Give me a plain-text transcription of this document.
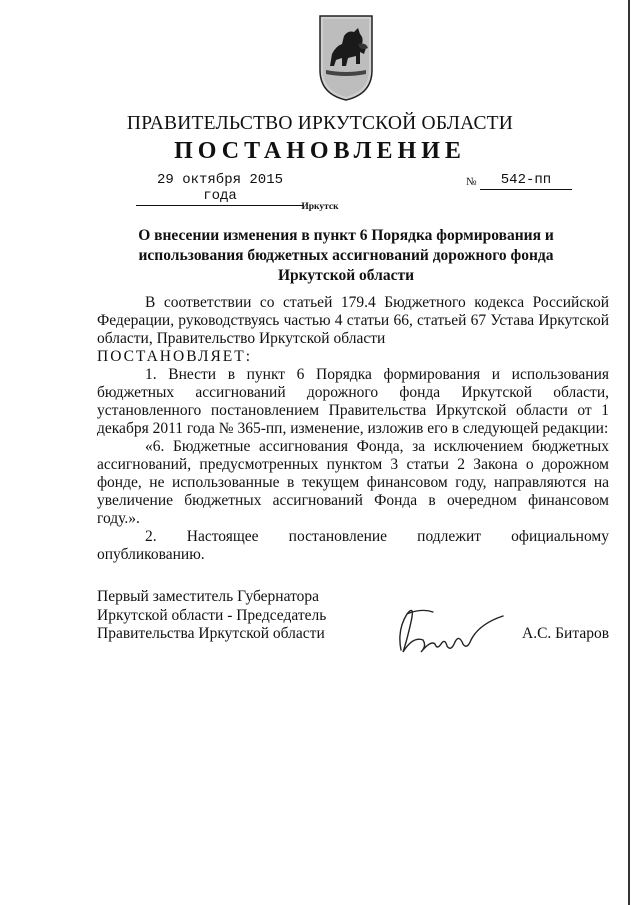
ПРАВИТЕЛЬСТВО ИРКУТСКОЙ ОБЛАСТИ
ПОСТАНОВЛЕНИЕ
29 октября 2015 года
№	542-пп
Иркутск

О внесении изменения в пункт 6 Порядка формирования и использования бюджетных ассигнований дорожного фонда Иркутской области

В соответствии со статьей 179.4 Бюджетного кодекса Российской Федерации, руководствуясь частью 4 статьи 66, статьей 67 Устава Иркутской области, Правительство Иркутской области

ПОСТАНОВЛЯЕТ:

1. Внести в пункт 6 Порядка формирования и использования бюджетных ассигнований дорожного фонда Иркутской области, установленного постановлением Правительства Иркутской области от 1 декабря 2011 года № 365-пп, изменение, изложив его в следующей редакции:

«6. Бюджетные ассигнования Фонда, за исключением бюджетных ассигнований, предусмотренных пунктом 3 статьи 2 Закона о дорожном фонде, не использованные в текущем финансовом году, направляются на увеличение бюджетных ассигнований Фонда в очередном финансовом году.».

2. Настоящее постановление подлежит официальному опубликованию.

Первый заместитель Губернатора
Иркутской области - Председатель
Правительства Иркутской области	А.С. Битаров
